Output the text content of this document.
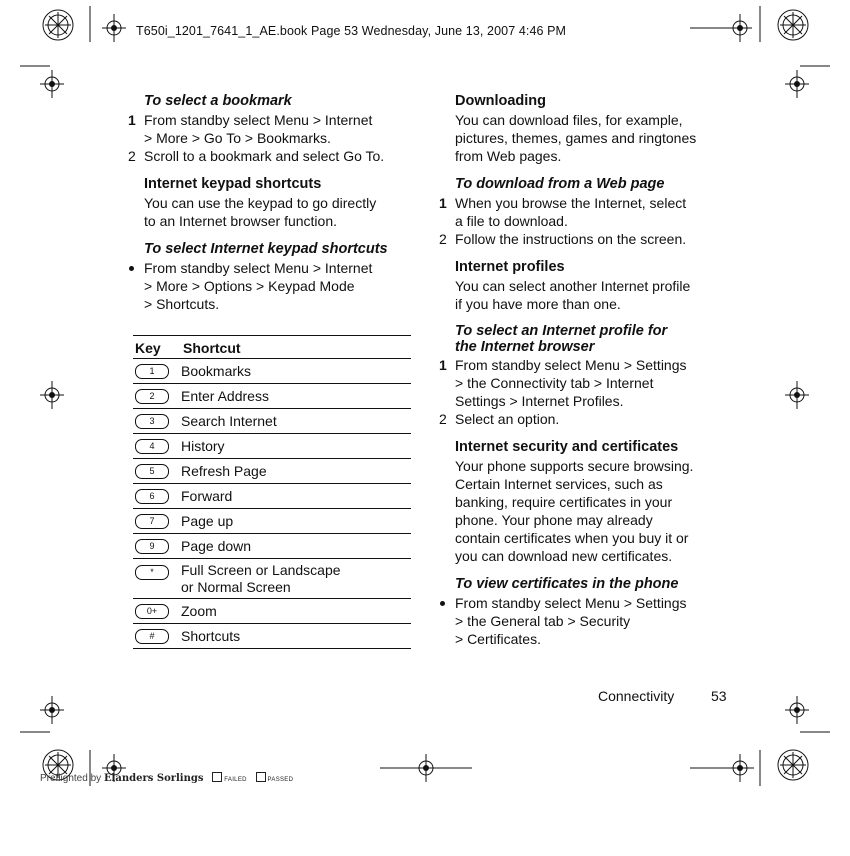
T650i_1201_7641_1_AE.book Page 53 Wednesday, June 13, 2007 4:46 PM

To select a bookmark

1 From standby select Menu > Internet

> More > Go To > Bookmarks.

2 Scroll to a bookmark and select Go To.

Internet keypad shortcuts

You can use the keypad to go directly

to an Internet browser function.

To select Internet keypad shortcuts

From standby select Menu > Internet

> More > Options > Keypad Mode

> Shortcuts.

Key	Shortcut
1	Bookmarks
2	Enter Address
3	Search Internet
4	History
5	Refresh Page
6	Forward
7	Page up
9	Page down
*	Full Screen or Landscape
or Normal Screen

0+	Zoom
#	Shortcuts

Downloading

You can download files, for example,

pictures, themes, games and ringtones

from Web pages.

To download from a Web page

1 When you browse the Internet, select

a file to download.

2 Follow the instructions on the screen.

Internet profiles

You can select another Internet profile

if you have more than one.

To select an Internet profile for

the Internet browser

1 From standby select Menu > Settings

> the Connectivity tab > Internet

Settings > Internet Profiles.

2 Select an option.

Internet security and certificates

Your phone supports secure browsing.

Certain Internet services, such as

banking, require certificates in your

phone. Your phone may already

contain certificates when you buy it or

you can download new certificates.

To view certificates in the phone

From standby select Menu > Settings

> the General tab > Security

> Certificates.

Connectivity	53
Preflighted by Elanders Sorlings	FAILED	PASSED
